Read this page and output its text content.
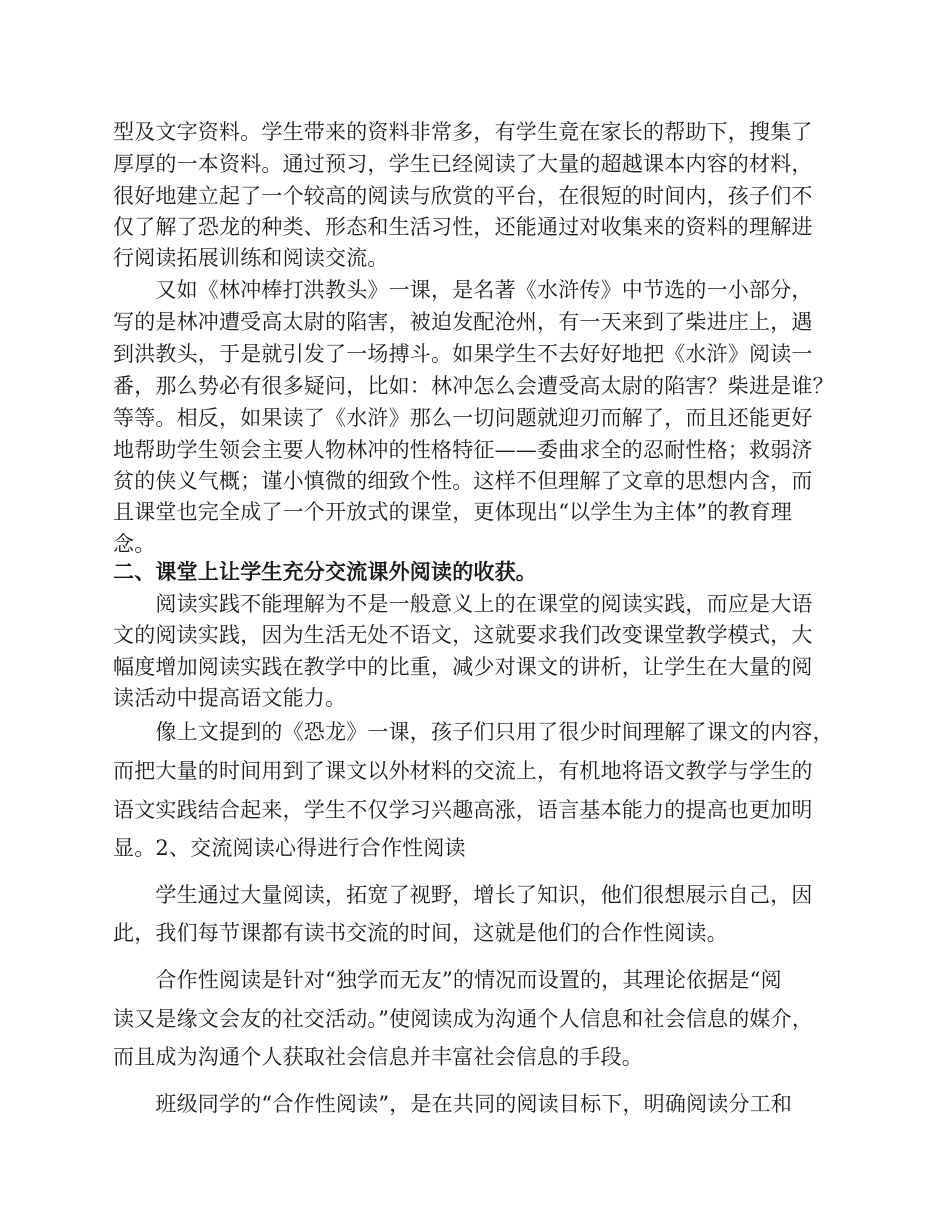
型及文字资料。学生带来的资料非常多，有学生竟在家长的帮助下，搜集了
厚厚的一本资料。通过预习，学生已经阅读了大量的超越课本内容的材料，
很好地建立起了一个较高的阅读与欣赏的平台，在很短的时间内，孩子们不
仅了解了恐龙的种类、形态和生活习性，还能通过对收集来的资料的理解进
行阅读拓展训练和阅读交流。
　　又如《林冲棒打洪教头》一课，是名著《水浒传》中节选的一小部分，
写的是林冲遭受高太尉的陷害，被迫发配沧州，有一天来到了柴进庄上，遇
到洪教头，于是就引发了一场搏斗。如果学生不去好好地把《水浒》阅读一
番，那么势必有很多疑问，比如：林冲怎么会遭受高太尉的陷害？柴进是谁？
等等。相反，如果读了《水浒》那么一切问题就迎刃而解了，而且还能更好
地帮助学生领会主要人物林冲的性格特征——委曲求全的忍耐性格；救弱济
贫的侠义气概；谨小慎微的细致个性。这样不但理解了文章的思想内含，而
且课堂也完全成了一个开放式的课堂，更体现出“以学生为主体”的教育理
念。
二、课堂上让学生充分交流课外阅读的收获。
　　阅读实践不能理解为不是一般意义上的在课堂的阅读实践，而应是大语
文的阅读实践，因为生活无处不语文，这就要求我们改变课堂教学模式，大
幅度增加阅读实践在教学中的比重，减少对课文的讲析，让学生在大量的阅
读活动中提高语文能力。
　　像上文提到的《恐龙》一课，孩子们只用了很少时间理解了课文的内容，
而把大量的时间用到了课文以外材料的交流上，有机地将语文教学与学生的
语文实践结合起来，学生不仅学习兴趣高涨，语言基本能力的提高也更加明
显。2、交流阅读心得进行合作性阅读
　　学生通过大量阅读，拓宽了视野，增长了知识，他们很想展示自己，因
此，我们每节课都有读书交流的时间，这就是他们的合作性阅读。
　　合作性阅读是针对“独学而无友”的情况而设置的，其理论依据是“阅
读又是缘文会友的社交活动。”使阅读成为沟通个人信息和社会信息的媒介，
而且成为沟通个人获取社会信息并丰富社会信息的手段。
　　班级同学的“合作性阅读”，是在共同的阅读目标下，明确阅读分工和
